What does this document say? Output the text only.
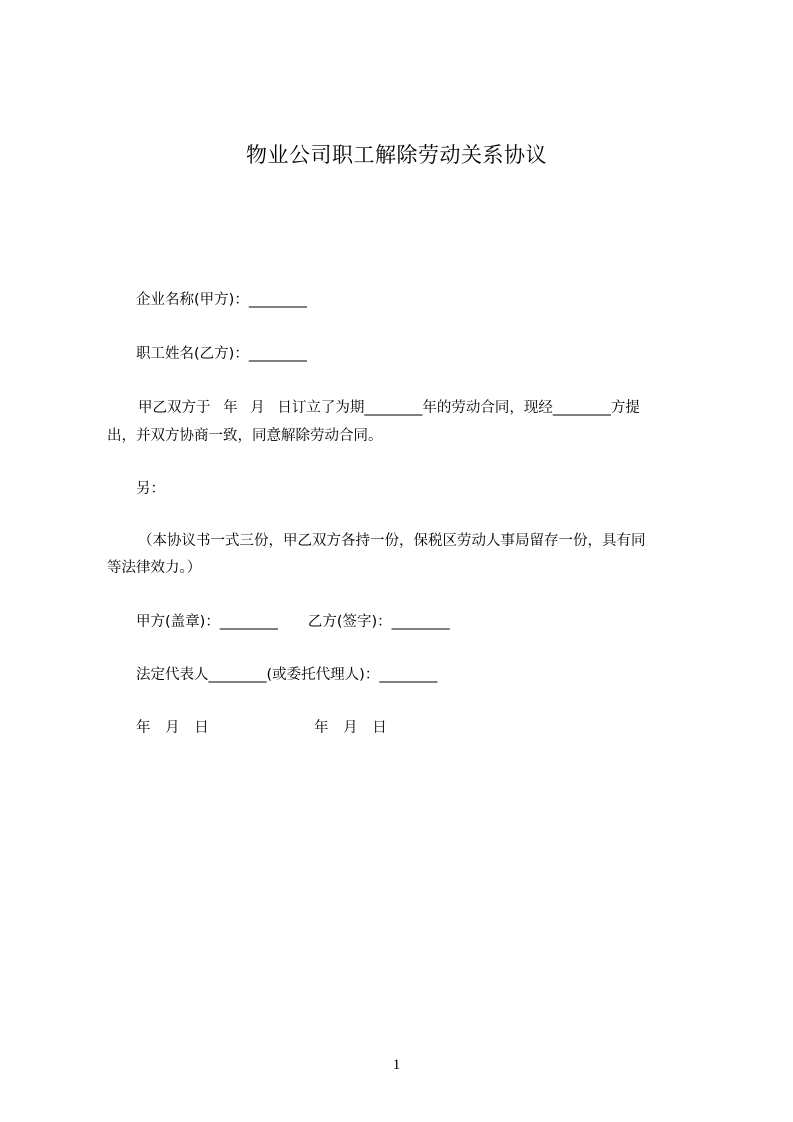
物业公司职工解除劳动关系协议
企业名称(甲方)：________
职工姓名(乙方)：________
甲乙双方于 年 月 日订立了为期________年的劳动合同，现经________方提
出，并双方协商一致，同意解除劳动合同。
另：
（本协议书一式三份，甲乙双方各持一份，保税区劳动人事局留存一份，具有同
等法律效力。）
甲方(盖章)：________ 乙方(签字)：________
法定代表人________(或委托代理人)：________
年 月 日	年 月 日
1
